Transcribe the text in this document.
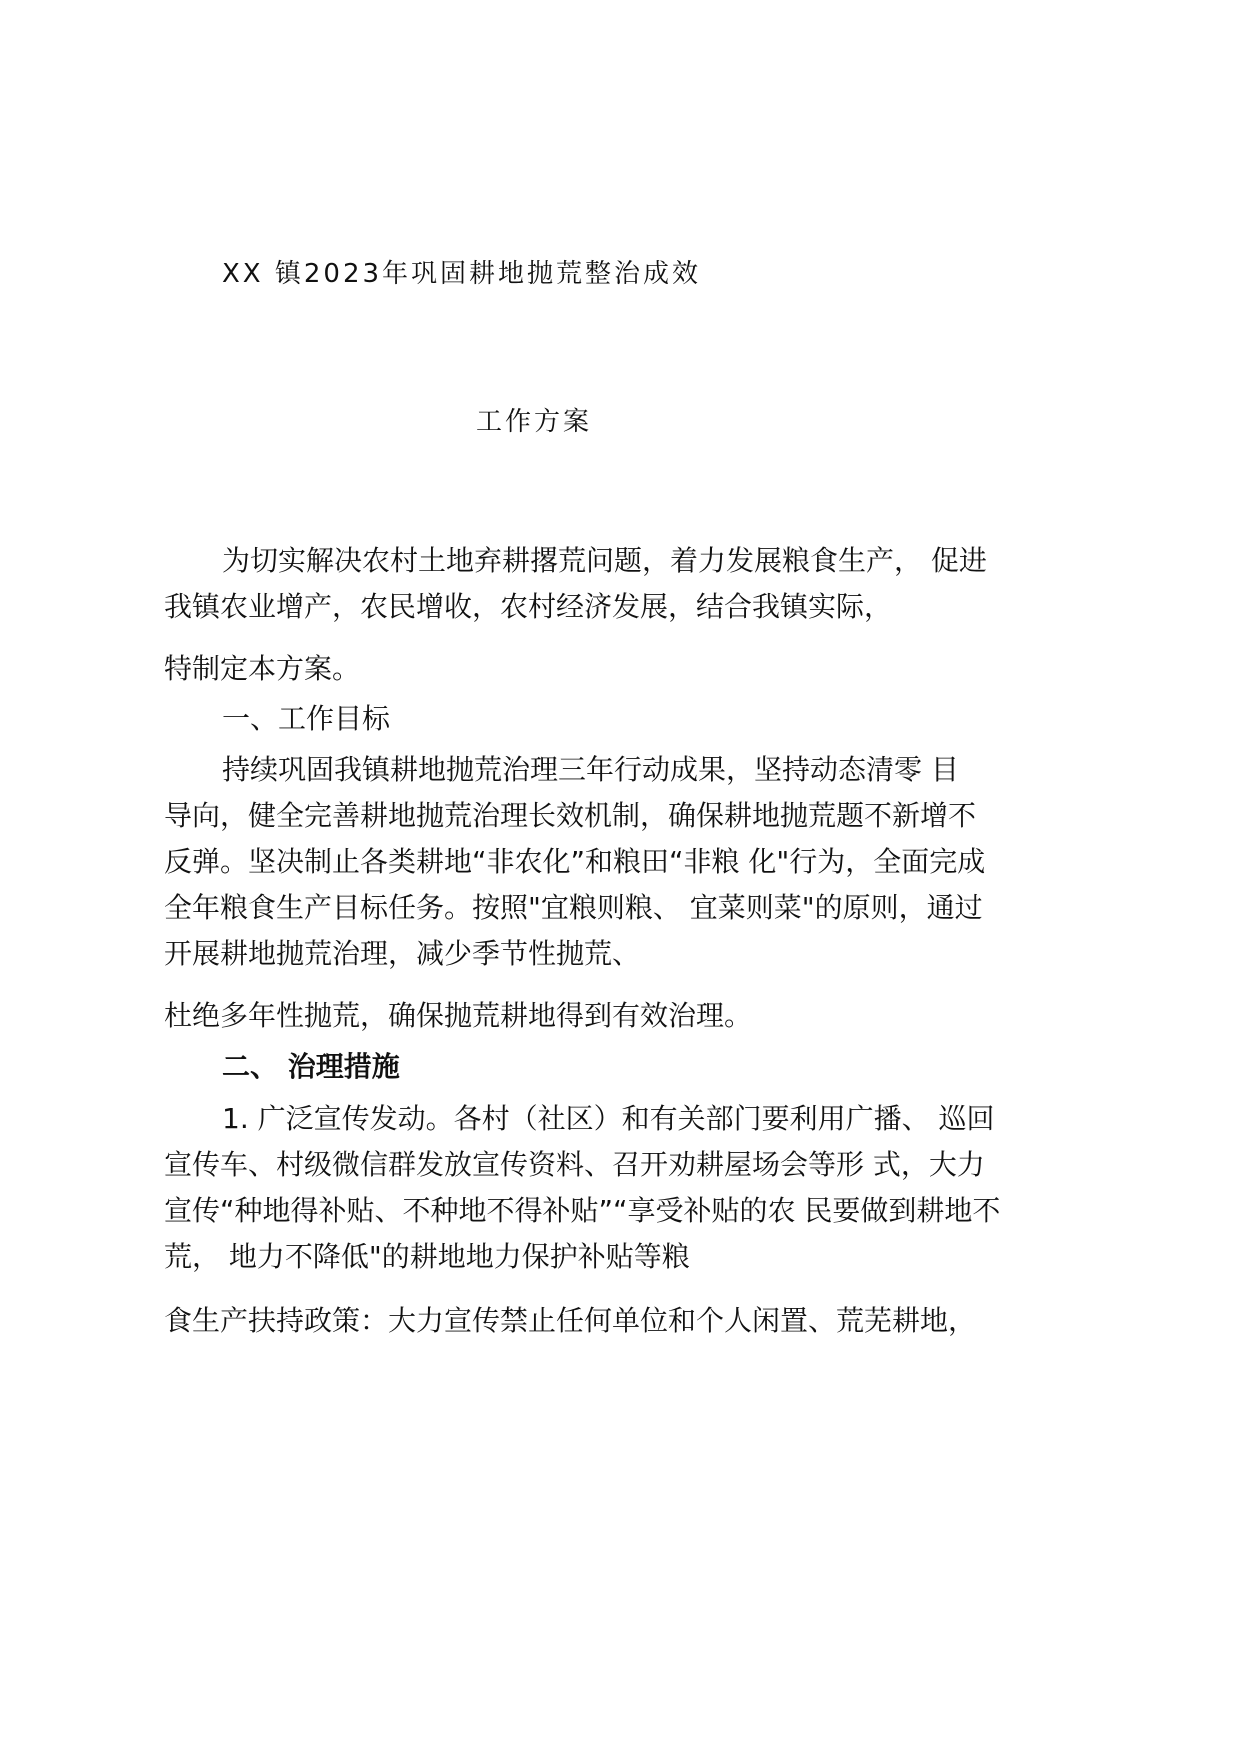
XX 镇2023年巩固耕地抛荒整治成效

工作方案

为切实解决农村土地弃耕撂荒问题，着力发展粮食生产， 促进

我镇农业增产，农民增收，农村经济发展，结合我镇实际，

特制定本方案。

一、工作目标

持续巩固我镇耕地抛荒治理三年行动成果，坚持动态清零 目

导向，健全完善耕地抛荒治理长效机制，确保耕地抛荒题不新增不

反弹。坚决制止各类耕地“非农化”和粮田“非粮 化"行为，全面完成

全年粮食生产目标任务。按照"宜粮则粮、 宜菜则菜"的原则，通过

开展耕地抛荒治理，减少季节性抛荒、

杜绝多年性抛荒，确保抛荒耕地得到有效治理。

二、 治理措施

1. 广泛宣传发动。各村（社区）和有关部门要利用广播、 巡回

宣传车、村级微信群发放宣传资料、召开劝耕屋场会等形 式，大力

宣传“种地得补贴、不种地不得补贴”“享受补贴的农 民要做到耕地不

荒， 地力不降低"的耕地地力保护补贴等粮

食生产扶持政策：大力宣传禁止任何单位和个人闲置、荒芜耕地，
